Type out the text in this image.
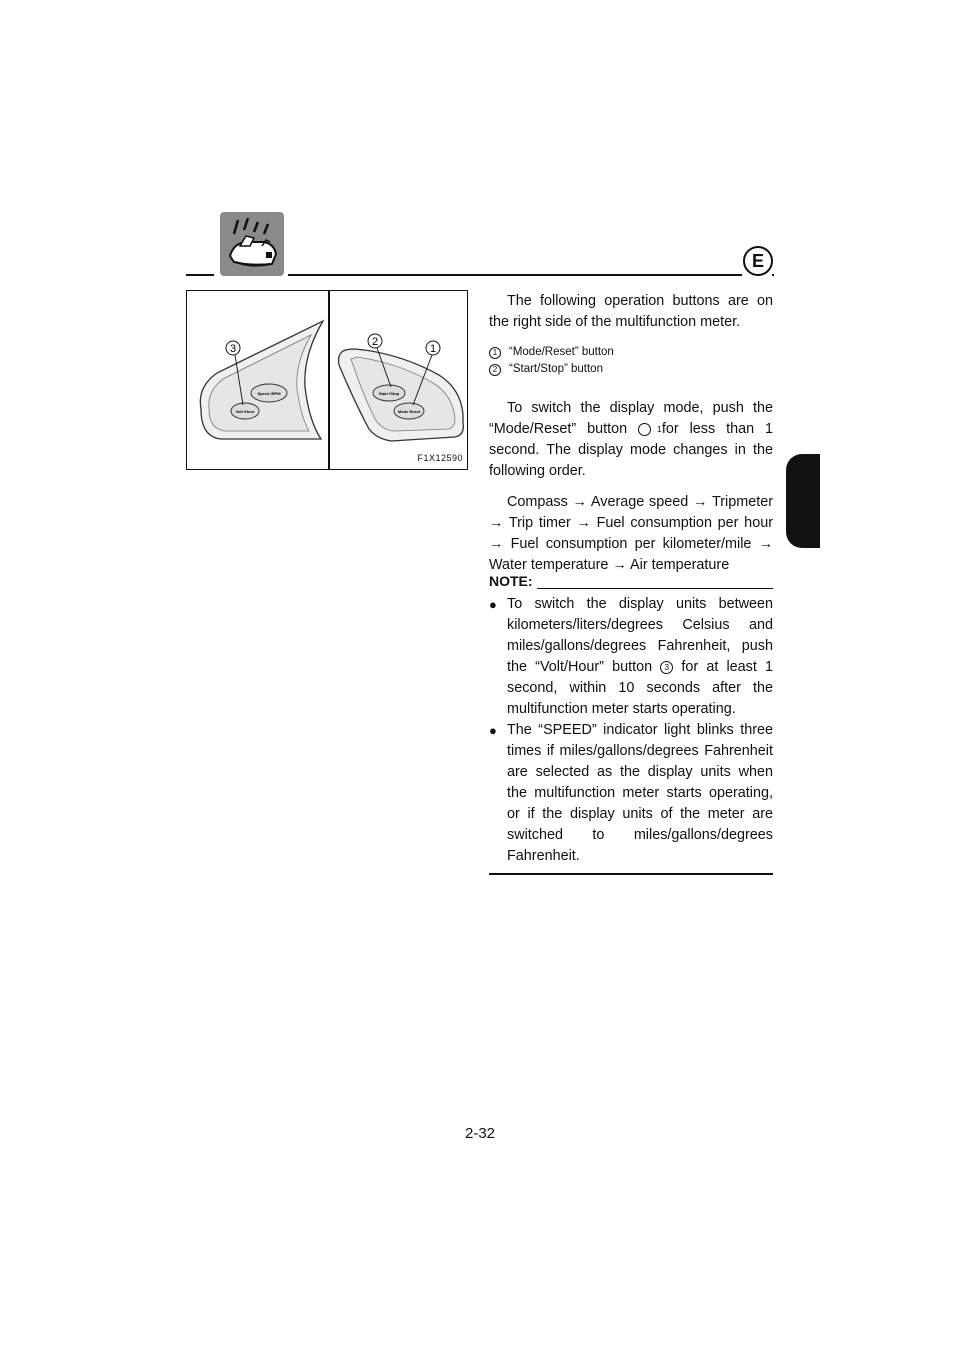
E
Speed /RPM
Volt /Hour
3
Start /Stop
Mode Reset
2
1
F1X12590

The following operation buttons are on the right side of the multifunction meter.

1	“Mode/Reset” button
2	“Start/Stop” button

To switch the display mode, push the “Mode/Reset” button	1 for less than 1 second. The display mode changes in the following order.

Compass → Average speed → Tripmeter → Trip timer → Fuel consumption per hour → Fuel consumption per kilometer/mile → Water temperature → Air temperature

NOTE:
● To switch the display units between kilometers/liters/degrees Celsius and miles/gallons/degrees Fahrenheit, push the “Volt/Hour” button 3 for at least 1 second, within 10 seconds after the multifunction meter starts operating.
● The “SPEED” indicator light blinks three times if miles/gallons/degrees Fahrenheit are selected as the display units when the multifunction meter starts operating, or if the display units of the meter are switched to miles/gallons/degrees Fahrenheit.
2-32
